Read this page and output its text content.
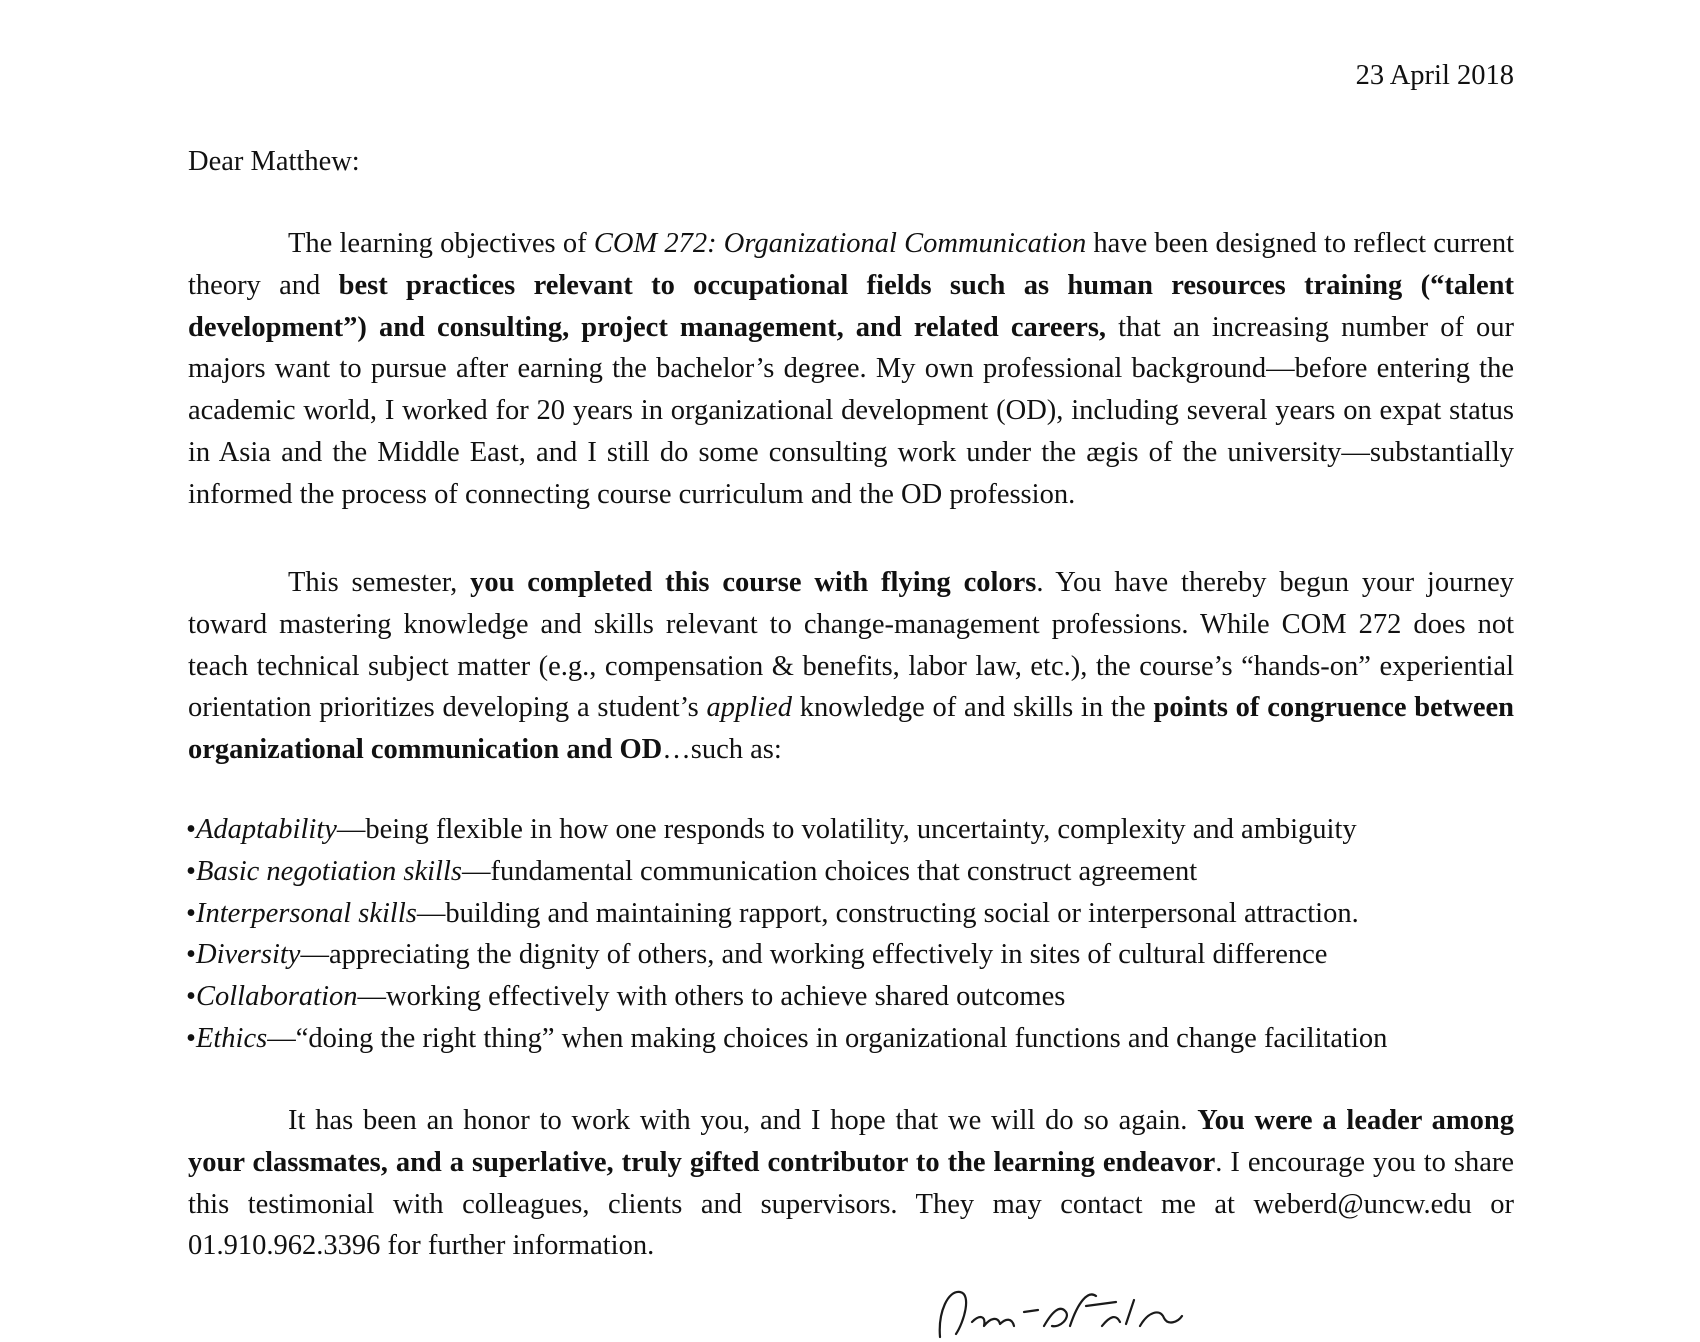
23 April 2018
Dear Matthew:

The learning objectives of COM 272: Organizational Communication have been designed to reflect current theory and best practices relevant to occupational fields such as human resources training (“talent development”) and consulting, project management, and related careers, that an increasing number of our majors want to pursue after earning the bachelor’s degree. My own professional background—before entering the academic world, I worked for 20 years in organizational development (OD), including several years on expat status in Asia and the Middle East, and I still do some consulting work under the ægis of the university—substantially informed the process of connecting course curriculum and the OD profession.

This semester, you completed this course with flying colors. You have thereby begun your journey toward mastering knowledge and skills relevant to change-management professions. While COM 272 does not teach technical subject matter (e.g., compensation & benefits, labor law, etc.), the course’s “hands-on” experiential orientation prioritizes developing a student’s applied knowledge of and skills in the points of congruence between organizational communication and OD…such as:

•Adaptability—being flexible in how one responds to volatility, uncertainty, complexity and ambiguity
•Basic negotiation skills—fundamental communication choices that construct agreement
•Interpersonal skills—building and maintaining rapport, constructing social or interpersonal attraction.
•Diversity—appreciating the dignity of others, and working effectively in sites of cultural difference
•Collaboration—working effectively with others to achieve shared outcomes
•Ethics—“doing the right thing” when making choices in organizational functions and change facilitation

It has been an honor to work with you, and I hope that we will do so again. You were a leader among your classmates, and a superlative, truly gifted contributor to the learning endeavor. I encourage you to share this testimonial with colleagues, clients and supervisors. They may contact me at weberd@uncw.edu or 01.910.962.3396 for further information.
